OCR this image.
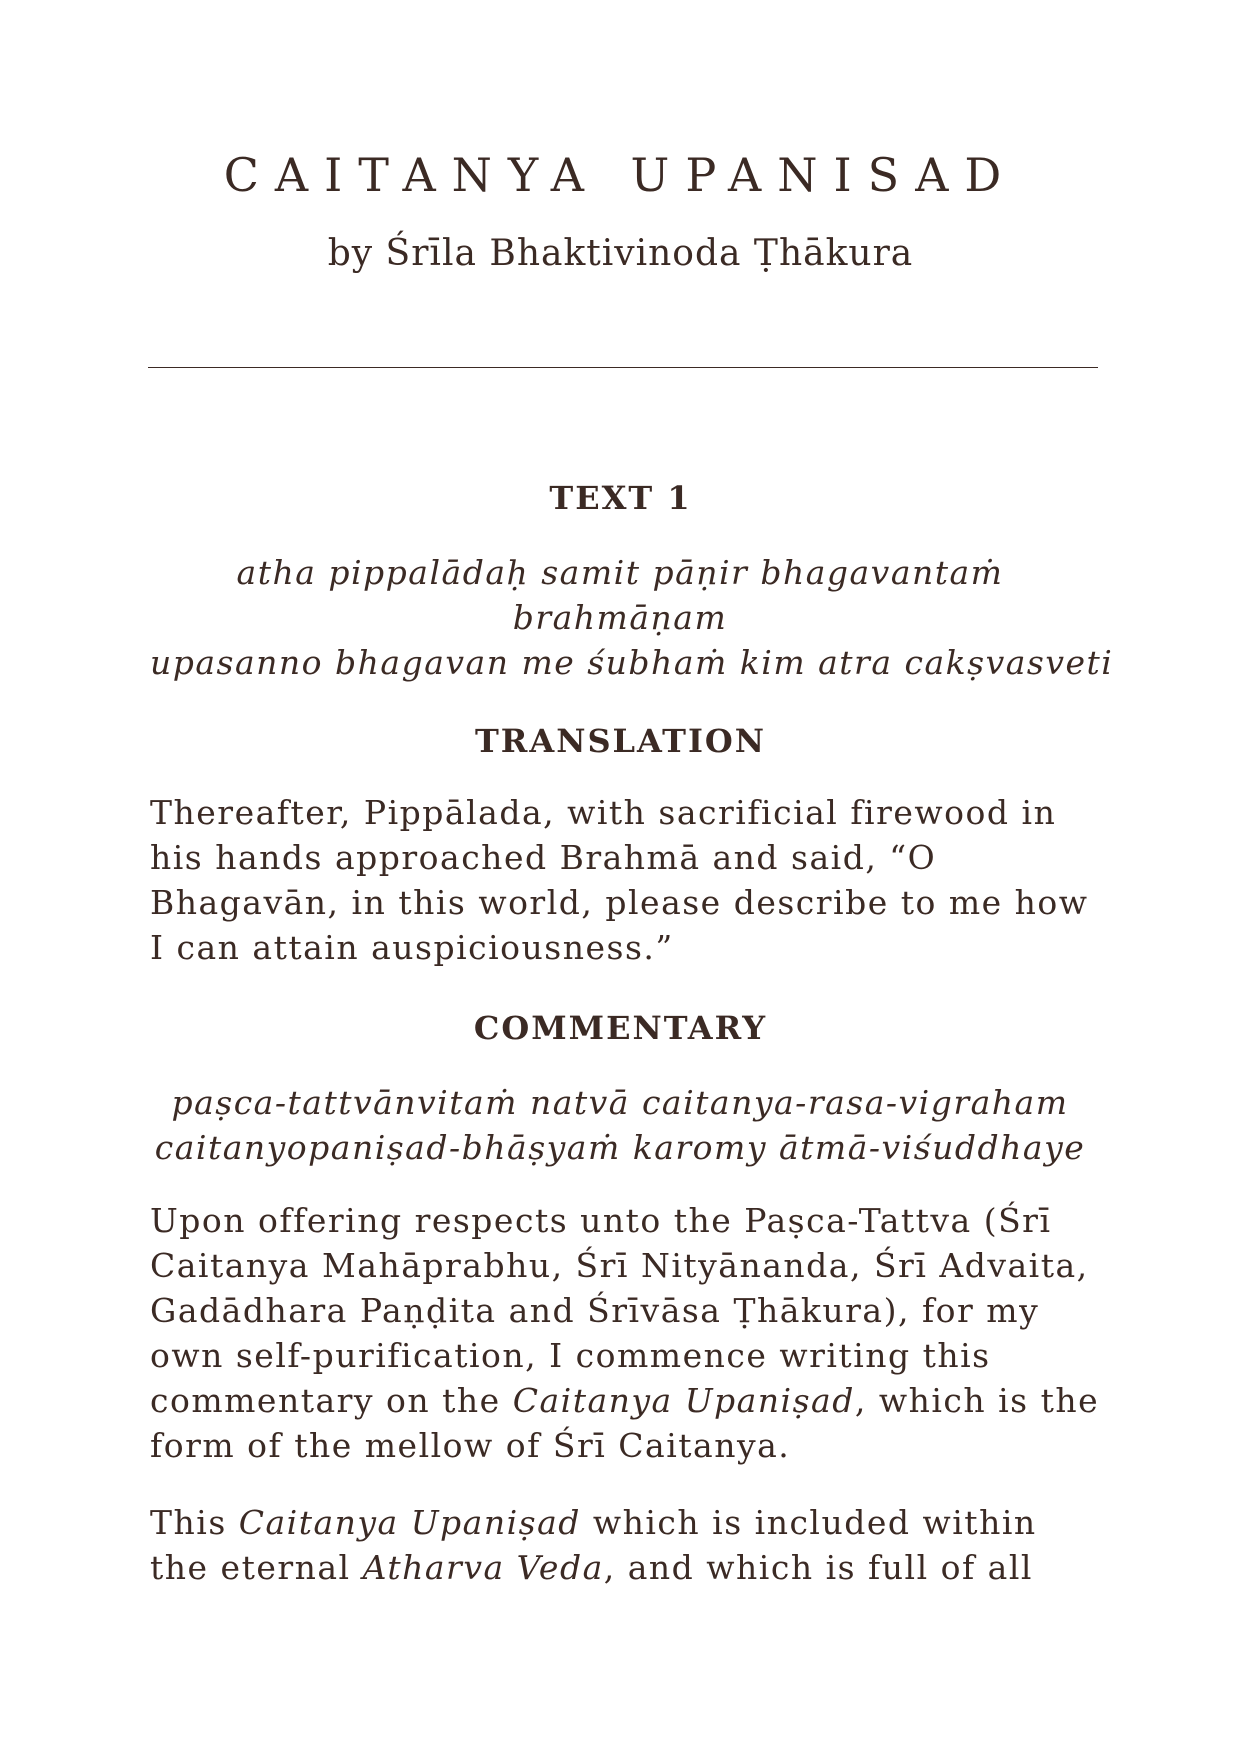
CAITANYA UPANISAD
by Śrīla Bhaktivinoda Ṭhākura
TEXT 1
atha pippalādaḥ samit pāṇir bhagavantaṁ
brahmāṇam
upasanno bhagavan me śubhaṁ kim atra cakṣvasveti
TRANSLATION
Thereafter, Pippālada, with sacrificial firewood in
his hands approached Brahmā and said, “O
Bhagavān, in this world, please describe to me how
I can attain auspiciousness.”
COMMENTARY
paṣca-tattvānvitaṁ natvā caitanya-rasa-vigraham
caitanyopaniṣad-bhāṣyaṁ karomy ātmā-viśuddhaye
Upon offering respects unto the Paṣca-Tattva (Śrī
Caitanya Mahāprabhu, Śrī Nityānanda, Śrī Advaita,
Gadādhara Paṇḍita and Śrīvāsa Ṭhākura), for my
own self-purification, I commence writing this
commentary on the Caitanya Upaniṣad, which is the
form of the mellow of Śrī Caitanya.
This Caitanya Upaniṣad which is included within
the eternal Atharva Veda, and which is full of all
